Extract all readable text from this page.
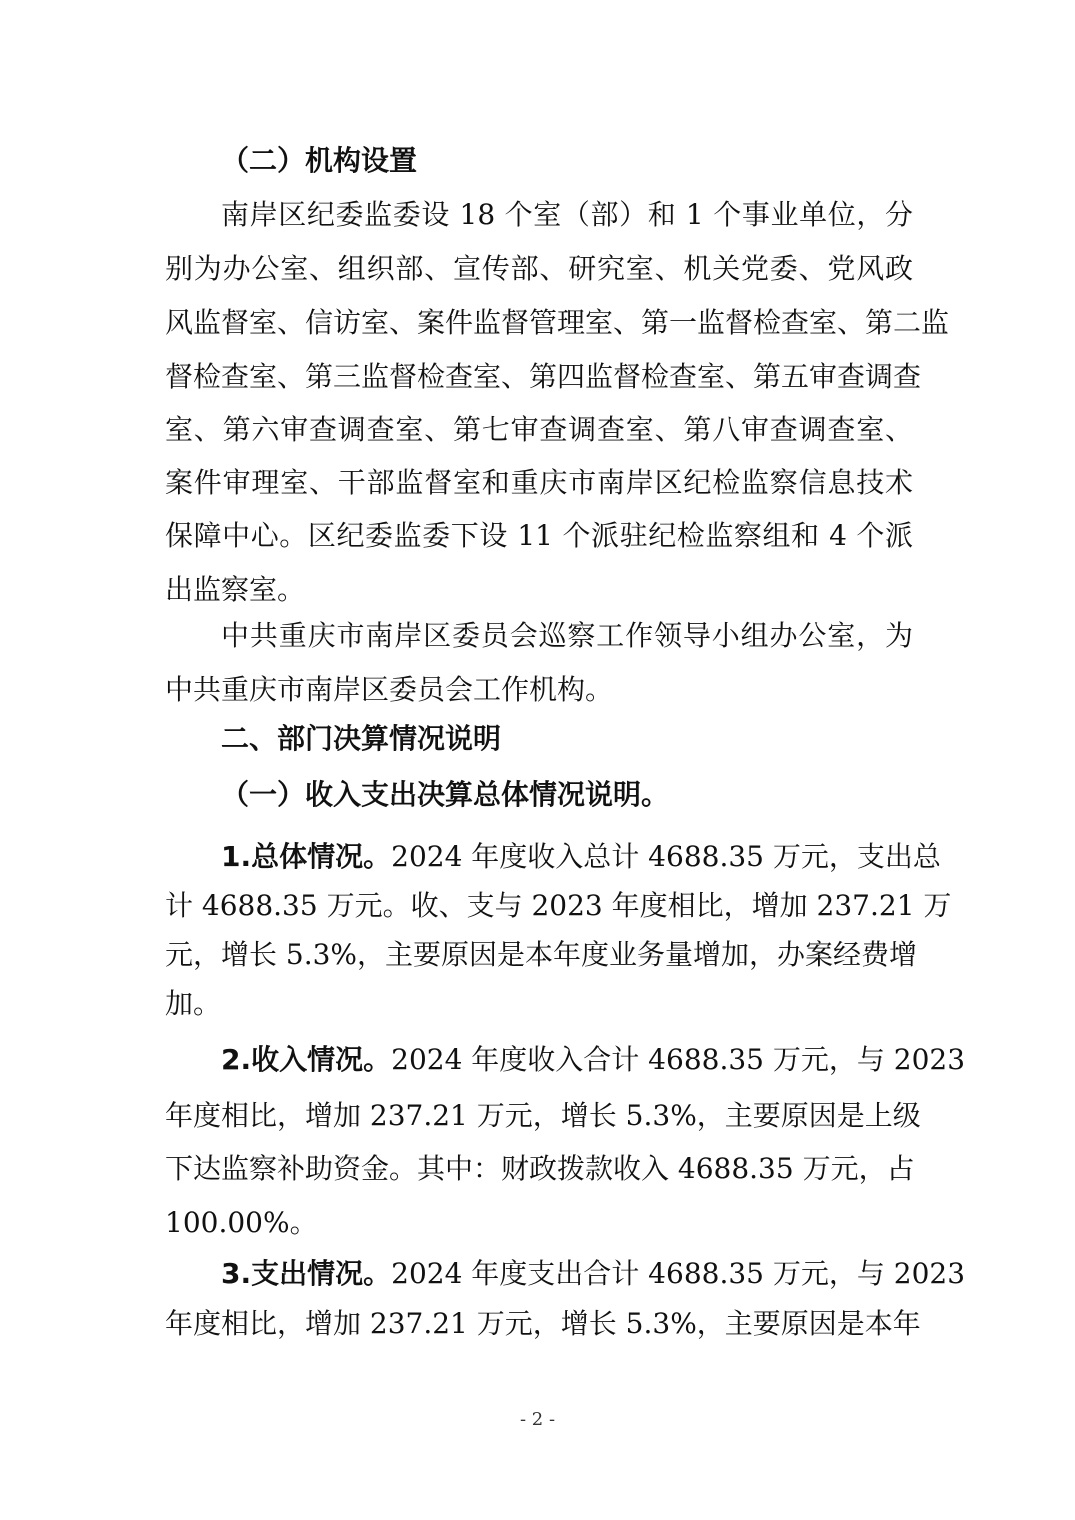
（二）机构设置
南岸区纪委监委设 18 个室（部）和 1 个事业单位，分
别为办公室、组织部、宣传部、研究室、机关党委、党风政
风监督室、信访室、案件监督管理室、第一监督检查室、第二监
督检查室、第三监督检查室、第四监督检查室、第五审查调查
室、第六审查调查室、第七审查调查室、第八审查调查室、
案件审理室、干部监督室和重庆市南岸区纪检监察信息技术
保障中心。区纪委监委下设 11 个派驻纪检监察组和 4 个派
出监察室。
中共重庆市南岸区委员会巡察工作领导小组办公室，为
中共重庆市南岸区委员会工作机构。
二、部门决算情况说明
（一）收入支出决算总体情况说明。
1.总体情况。2024 年度收入总计 4688.35 万元，支出总
计 4688.35 万元。收、支与 2023 年度相比，增加 237.21 万
元，增长 5.3%，主要原因是本年度业务量增加，办案经费增
加。
2.收入情况。2024 年度收入合计 4688.35 万元，与 2023
年度相比，增加 237.21 万元，增长 5.3%，主要原因是上级
下达监察补助资金。其中：财政拨款收入 4688.35 万元，占
100.00%。
3.支出情况。2024 年度支出合计 4688.35 万元，与 2023
年度相比，增加 237.21 万元，增长 5.3%，主要原因是本年
- 2 -
